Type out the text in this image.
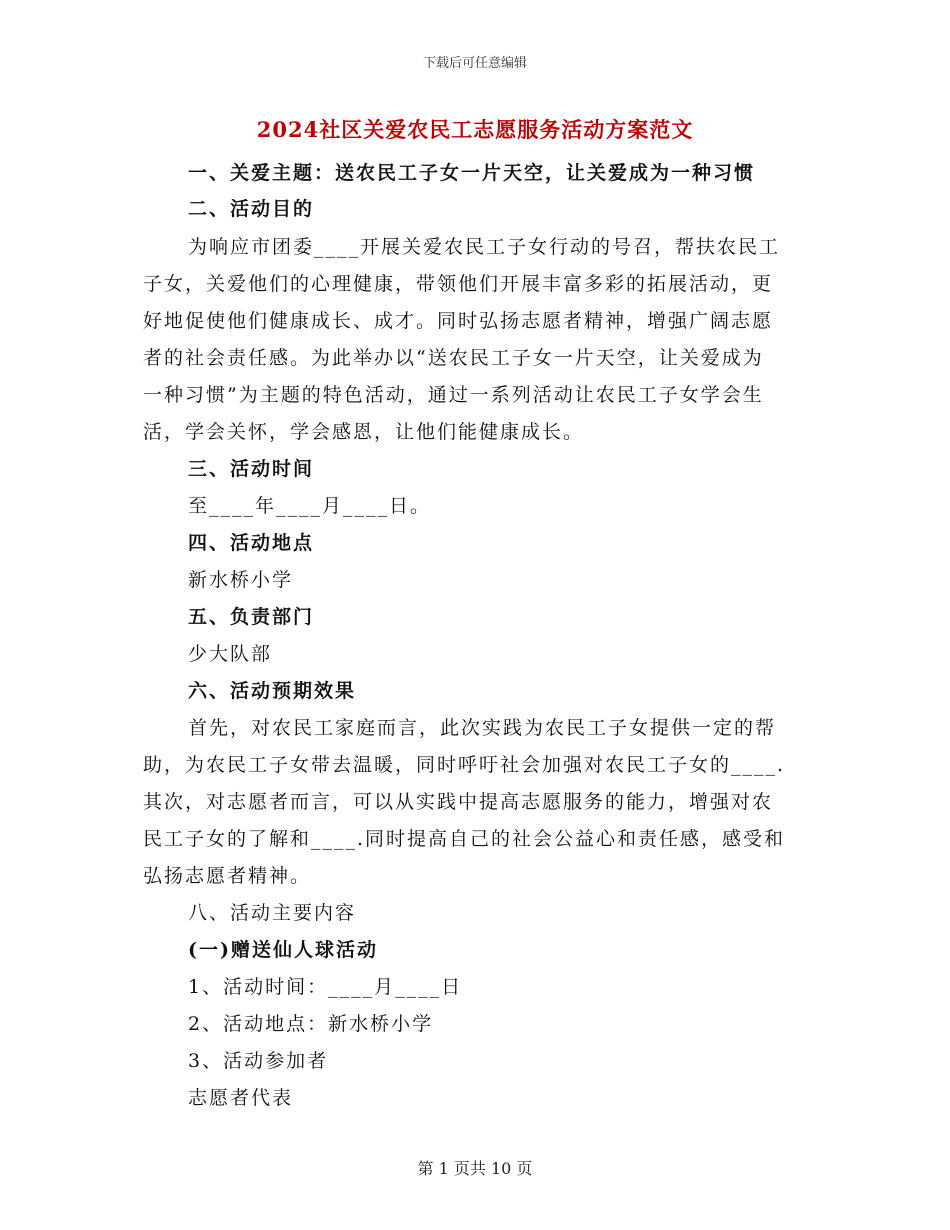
下载后可任意编辑
2024社区关爱农民工志愿服务活动方案范文
一、关爱主题：送农民工子女一片天空，让关爱成为一种习惯
二、活动目的
为响应市团委____开展关爱农民工子女行动的号召，帮扶农民工
子女，关爱他们的心理健康，带领他们开展丰富多彩的拓展活动，更
好地促使他们健康成长、成才。同时弘扬志愿者精神，增强广阔志愿
者的社会责任感。为此举办以“送农民工子女一片天空，让关爱成为
一种习惯”为主题的特色活动，通过一系列活动让农民工子女学会生
活，学会关怀，学会感恩，让他们能健康成长。
三、活动时间
至____年____月____日。
四、活动地点
新水桥小学
五、负责部门
少大队部
六、活动预期效果
首先，对农民工家庭而言，此次实践为农民工子女提供一定的帮
助，为农民工子女带去温暖，同时呼吁社会加强对农民工子女的____.
其次，对志愿者而言，可以从实践中提高志愿服务的能力，增强对农
民工子女的了解和____.同时提高自己的社会公益心和责任感，感受和
弘扬志愿者精神。
八、活动主要内容
(一)赠送仙人球活动
1、活动时间：____月____日
2、活动地点：新水桥小学
3、活动参加者
志愿者代表
第 1 页共 10 页
